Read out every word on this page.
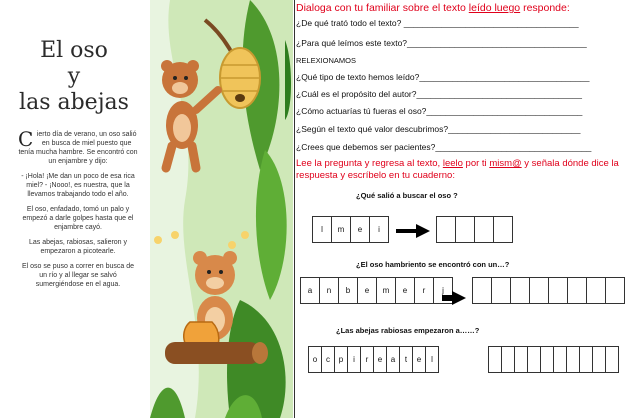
El oso
y
las abejas

Cierto día de verano, un oso salió en busca de miel puesto que tenía mucha hambre. Se encontró con un enjambre y dijo:

- ¡Hola! ¡Me dan un poco de esa rica miel? - ¡Nooo!, es nuestra, que la llevamos trabajando todo el año.

El oso, enfadado, tomó un palo y empezó a darle golpes hasta que el enjambre cayó.

Las abejas, rabiosas, salieron y empezaron a picotearle.

El oso se puso a correr en busca de un río y al llegar se salvó sumergiéndose en el agua.

Dialoga con tu familiar sobre el texto leído luego responde:
¿De qué trató todo el texto? _____________________________________
¿Para qué leímos este texto?______________________________________
RELEXIONAMOS
¿Qué tipo de texto hemos leído?____________________________________
¿Cuál es el propósito del autor?___________________________________
¿Cómo actuarías tú fueras el oso?_________________________________
¿Según el texto qué valor descubrimos?____________________________
¿Crees que debemos ser pacientes?_________________________________
Lee la pregunta y regresa al texto, leelo por ti mism@ y señala dónde dice la respuesta y escríbelo en tu cuaderno:
¿Qué salió a buscar el oso ?
l	m	e	i
¿El oso hambriento se encontró con un…?
a	n	b	e	m	e	r	j
¿Las abejas rabiosas empezaron a……?
o	c	p	i	r	e	a	t	e	l
